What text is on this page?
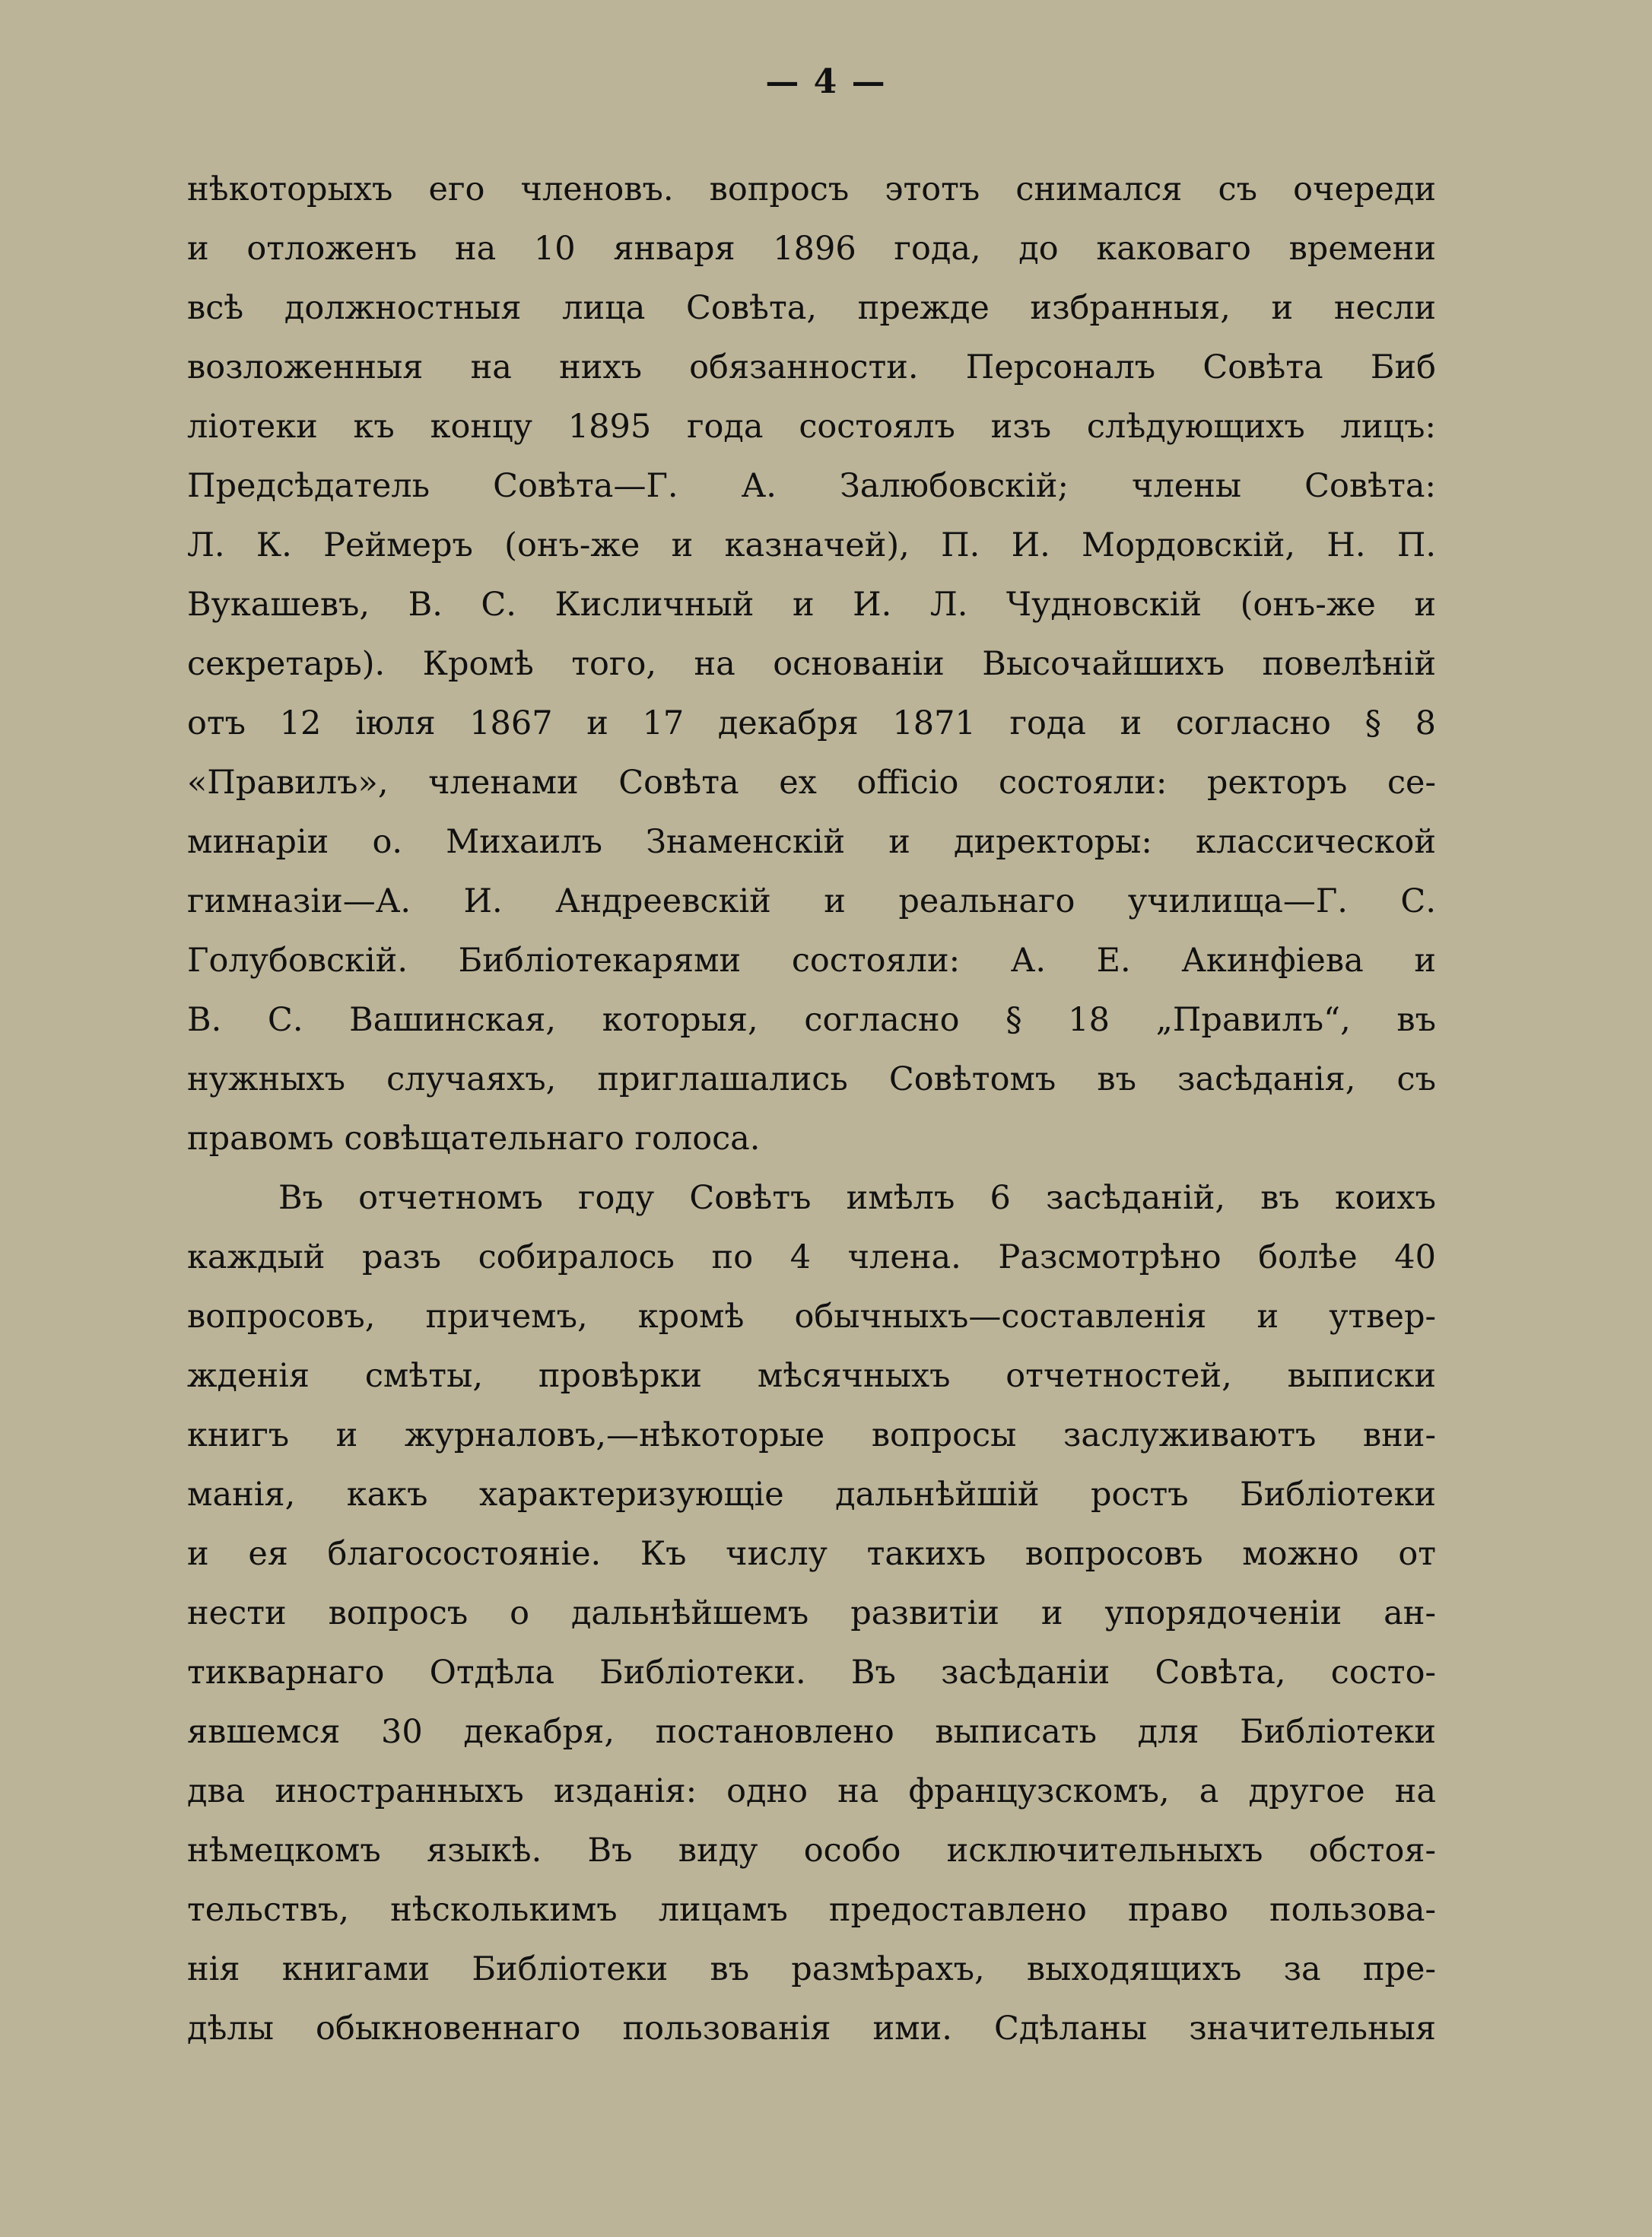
— 4 —
нѣкоторыхъ его членовъ. вопросъ этотъ снимался съ очереди
и отложенъ на 10 января 1896 года, до каковаго времени
всѣ должностныя лица Совѣта, прежде избранныя, и несли
возложенныя на нихъ обязанности. Персоналъ Совѣта Биб
ліотеки къ концу 1895 года состоялъ изъ слѣдующихъ лицъ:
Предсѣдатель Совѣта—Г. А. Залюбовскій; члены Совѣта:
Л. К. Реймеръ (онъ-же и казначей), П. И. Мордовскій, Н. П.
Вукашевъ, В. С. Кисличный и И. Л. Чудновскій (онъ-же и
секретарь). Кромѣ того, на основаніи Высочайшихъ повелѣній
отъ 12 іюля 1867 и 17 декабря 1871 года и согласно § 8
«Правилъ», членами Совѣта ex officio состояли: ректоръ се-
минаріи о. Михаилъ Знаменскій и директоры: классической
гимназіи—А. И. Андреевскій и реальнаго училища—Г. С.
Голубовскій. Библіотекарями состояли: А. Е. Акинфіева и
В. С. Вашинская, которыя, согласно § 18 „Правилъ“, въ
нужныхъ случаяхъ, приглашались Совѣтомъ въ засѣданія, съ
правомъ совѣщательнаго голоса.
Въ отчетномъ году Совѣтъ имѣлъ 6 засѣданій, въ коихъ
каждый разъ собиралось по 4 члена. Разсмотрѣно болѣе 40
вопросовъ, причемъ, кромѣ обычныхъ—составленія и утвер-
жденія смѣты, провѣрки мѣсячныхъ отчетностей, выписки
книгъ и журналовъ,—нѣкоторые вопросы заслуживаютъ вни-
манія, какъ характеризующіе дальнѣйшій ростъ Библіотеки
и ея благосостояніе. Къ числу такихъ вопросовъ можно от
нести вопросъ о дальнѣйшемъ развитіи и упорядоченіи ан-
тикварнаго Отдѣла Библіотеки. Въ засѣданіи Совѣта, состо-
явшемся 30 декабря, постановлено выписать для Библіотеки
два иностранныхъ изданія: одно на французскомъ, а другое на
нѣмецкомъ языкѣ. Въ виду особо исключительныхъ обстоя-
тельствъ, нѣсколькимъ лицамъ предоставлено право пользова-
нія книгами Библіотеки въ размѣрахъ, выходящихъ за пре-
дѣлы обыкновеннаго пользованія ими. Сдѣланы значительныя
